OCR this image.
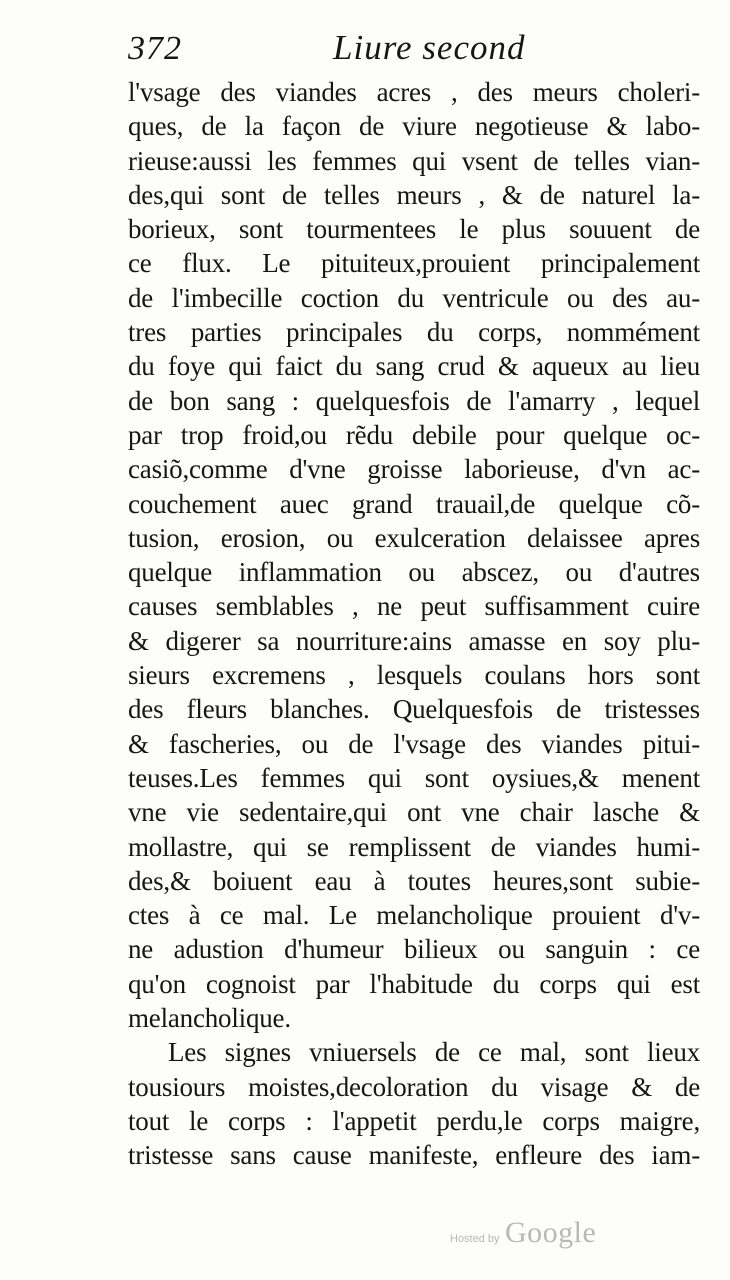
372	Liure second
l'vsage des viandes acres , des meurs choleri-
ques, de la façon de viure negotieuse & labo-
rieuse:aussi les femmes qui vsent de telles vian-
des,qui sont de telles meurs , & de naturel la-
borieux, sont tourmentees le plus souuent de
ce flux. Le pituiteux,prouient principalement
de l'imbecille coction du ventricule ou des au-
tres parties principales du corps, nommément
du foye qui faict du sang crud & aqueux au lieu
de bon sang : quelquesfois de l'amarry , lequel
par trop froid,ou rẽdu debile pour quelque oc-
casiõ,comme d'vne groisse laborieuse, d'vn ac-
couchement auec grand trauail,de quelque cõ-
tusion, erosion, ou exulceration delaissee apres
quelque inflammation ou abscez, ou d'autres
causes semblables , ne peut suffisamment cuire
& digerer sa nourriture:ains amasse en soy plu-
sieurs excremens , lesquels coulans hors sont
des fleurs blanches. Quelquesfois de tristesses
& fascheries, ou de l'vsage des viandes pitui-
teuses.Les femmes qui sont oysiues,& menent
vne vie sedentaire,qui ont vne chair lasche &
mollastre, qui se remplissent de viandes humi-
des,& boiuent eau à toutes heures,sont subie-
ctes à ce mal. Le melancholique prouient d'v-
ne adustion d'humeur bilieux ou sanguin : ce
qu'on cognoist par l'habitude du corps qui est
melancholique.
Les signes vniuersels de ce mal, sont lieux
tousiours moistes,decoloration du visage & de
tout le corps : l'appetit perdu,le corps maigre,
tristesse sans cause manifeste, enfleure des iam-
Hosted by Google
